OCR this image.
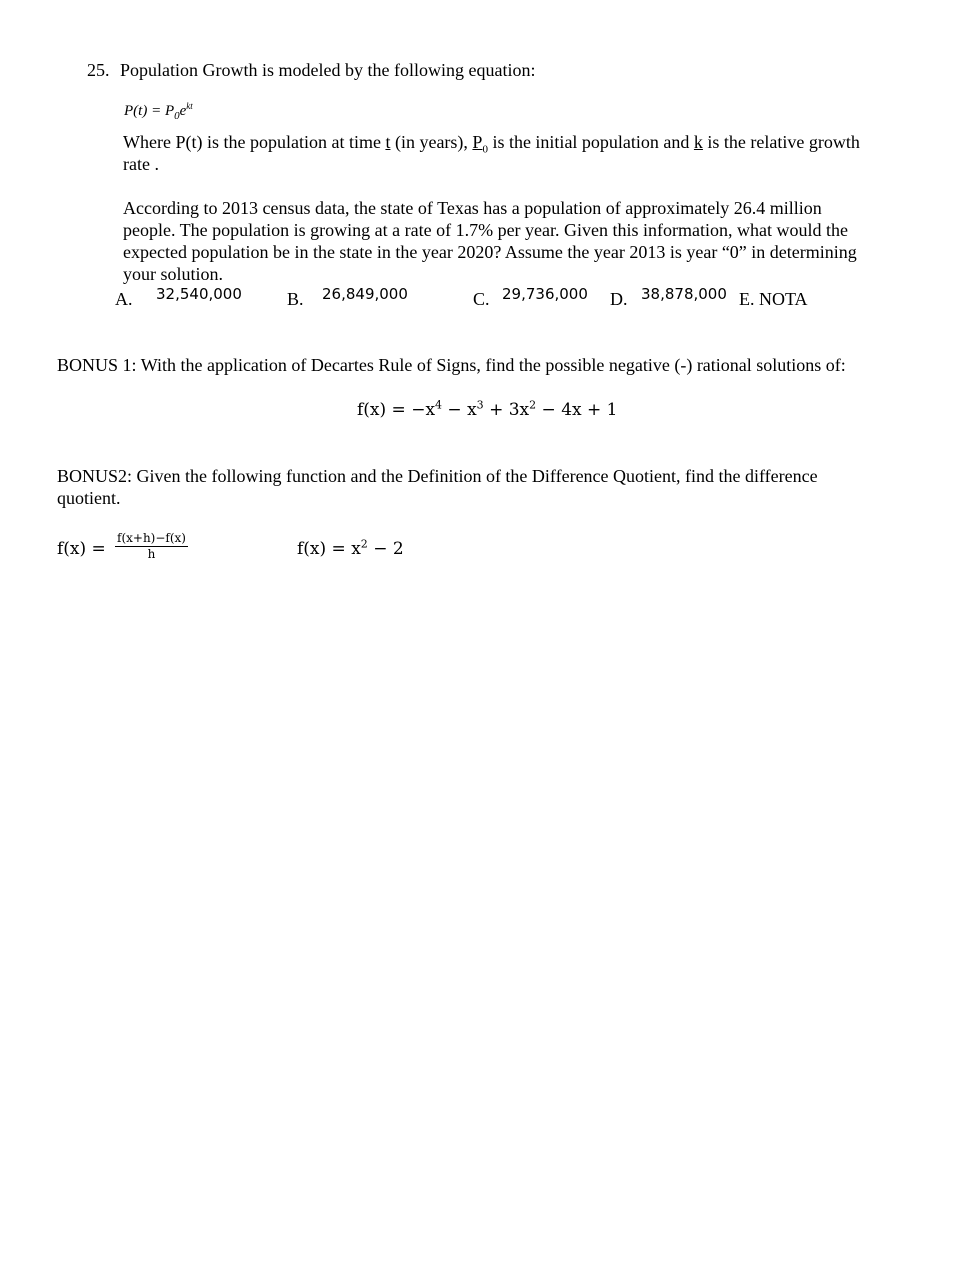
25. Population Growth is modeled by the following equation:
$P(t) = P_0e^{kt}$
Where P(t) is the population at time t (in years), $P_0$ is the initial population and k is the relative growth
rate .
According to 2013 census data, the state of Texas has a population of approximately 26.4 million
people. The population is growing at a rate of 1.7% per year. Given this information, what would the
expected population be in the state in the year 2020? Assume the year 2013 is year “0” in determining
your solution.
A. 32,540,000	B. 26,849,000	C. 29,736,000 D. 38,878,000 E. NOTA
BONUS 1: With the application of Decartes Rule of Signs, find the possible negative (-) rational solutions of:
$f(x) = -x^4 - x^3 + 3x^2 - 4x + 1$
BONUS2: Given the following function and the Definition of the Difference Quotient, find the difference
quotient.
$f(x) = \frac{f(x+h)-f(x)}{h}$	$f(x) = x^2 - 2$
